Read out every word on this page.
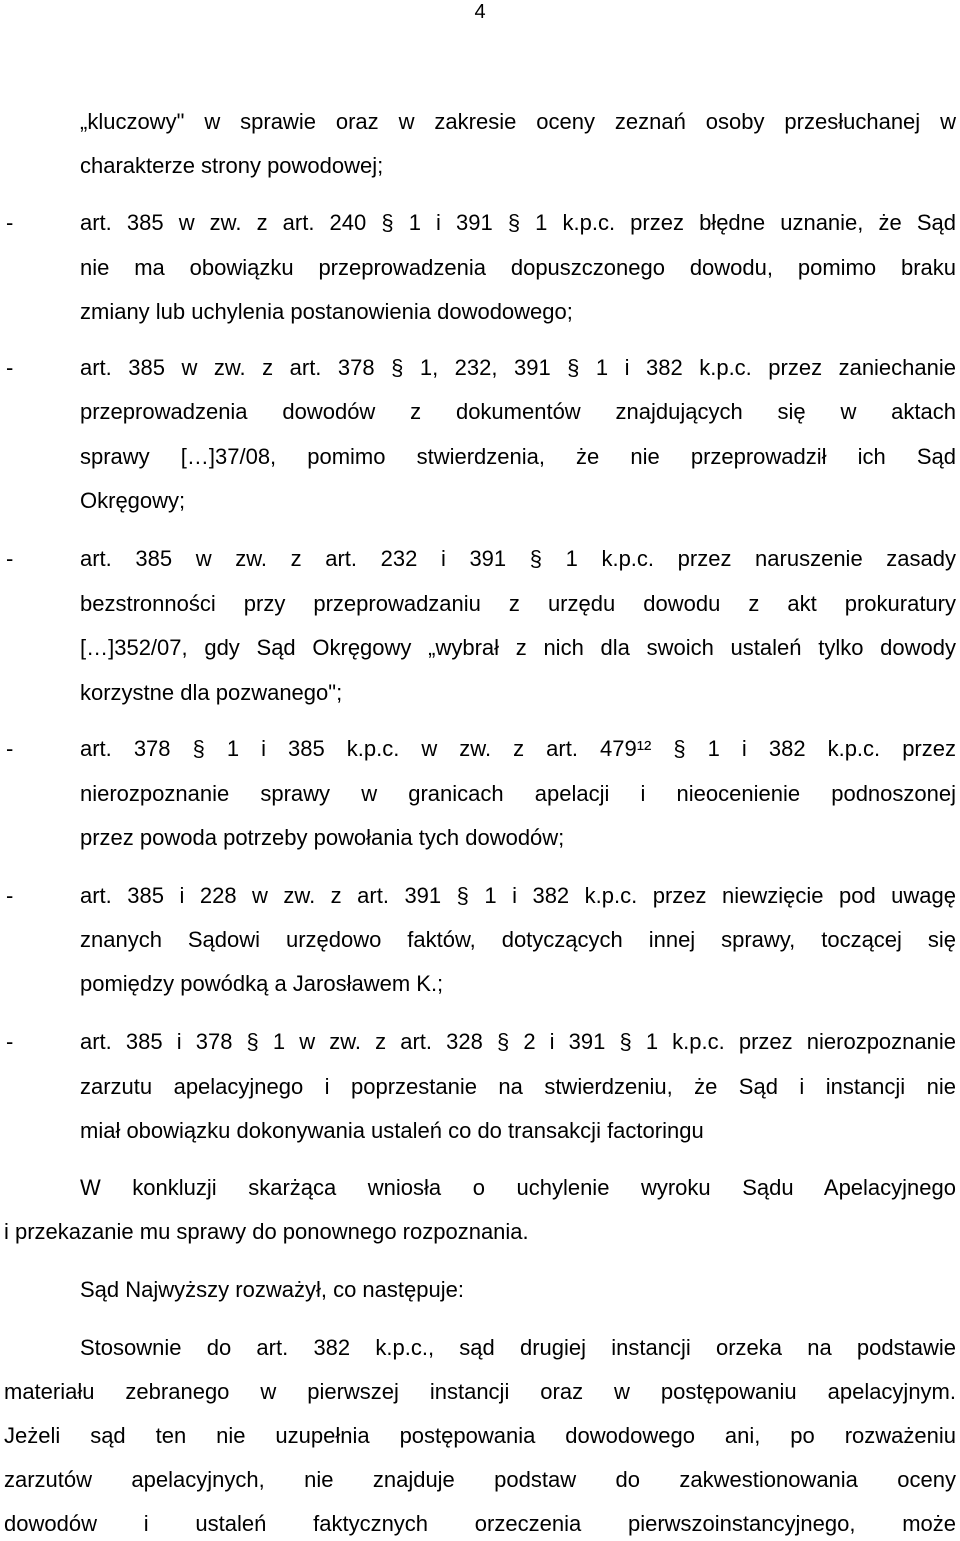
4
„kluczowy" w sprawie oraz w zakresie oceny zeznań osoby przesłuchanej w
charakterze strony powodowej;
-	art. 385 w zw. z art. 240 § 1 i 391 § 1 k.p.c. przez błędne uznanie, że Sąd
nie ma obowiązku przeprowadzenia dopuszczonego dowodu, pomimo braku
zmiany lub uchylenia postanowienia dowodowego;
-	art. 385 w zw. z art. 378 § 1, 232, 391 § 1 i 382 k.p.c. przez zaniechanie
przeprowadzenia dowodów z dokumentów znajdujących się w aktach
sprawy […]37/08, pomimo stwierdzenia, że nie przeprowadził ich Sąd
Okręgowy;
-	art. 385 w zw. z art. 232 i 391 § 1 k.p.c. przez naruszenie zasady
bezstronności przy przeprowadzaniu z urzędu dowodu z akt prokuratury
[…]352/07, gdy Sąd Okręgowy „wybrał z nich dla swoich ustaleń tylko dowody
korzystne dla pozwanego";
-	art. 378 § 1 i 385 k.p.c. w zw. z art. 479¹² § 1 i 382 k.p.c. przez
nierozpoznanie sprawy w granicach apelacji i nieocenienie podnoszonej
przez powoda potrzeby powołania tych dowodów;
-	art. 385 i 228 w zw. z art. 391 § 1 i 382 k.p.c. przez niewzięcie pod uwagę
znanych Sądowi urzędowo faktów, dotyczących innej sprawy, toczącej się
pomiędzy powódką a Jarosławem K.;
-	art. 385 i 378 § 1 w zw. z art. 328 § 2 i 391 § 1 k.p.c. przez nierozpoznanie
zarzutu apelacyjnego i poprzestanie na stwierdzeniu, że Sąd i instancji nie
miał obowiązku dokonywania ustaleń co do transakcji factoringu
W konkluzji skarżąca wniosła o uchylenie wyroku Sądu Apelacyjnego
i przekazanie mu sprawy do ponownego rozpoznania.
Sąd Najwyższy rozważył, co następuje:
Stosownie do art. 382 k.p.c., sąd drugiej instancji orzeka na podstawie
materiału zebranego w pierwszej instancji oraz w postępowaniu apelacyjnym.
Jeżeli sąd ten nie uzupełnia postępowania dowodowego ani, po rozważeniu
zarzutów apelacyjnych, nie znajduje podstaw do zakwestionowania oceny
dowodów i ustaleń faktycznych orzeczenia pierwszoinstancyjnego, może
